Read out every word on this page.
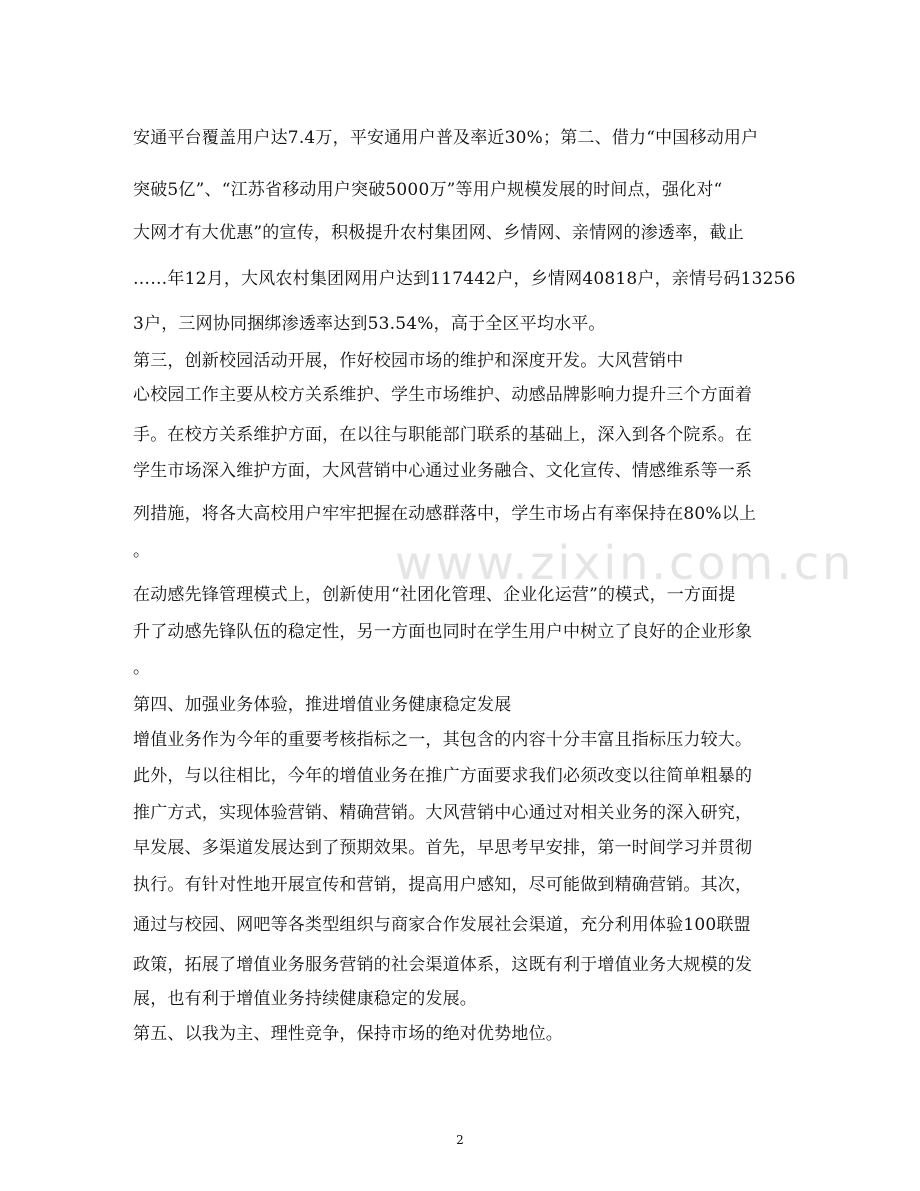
安通平台覆盖用户达7.4万，平安通用户普及率近30%；第二、借力“中国移动用户
突破5亿”、“江苏省移动用户突破5000万”等用户规模发展的时间点，强化对“
大网才有大优惠”的宣传，积极提升农村集团网、乡情网、亲情网的渗透率，截止
……年12月，大风农村集团网用户达到117442户，乡情网40818户，亲情号码13256
3户，三网协同捆绑渗透率达到53.54%，高于全区平均水平。
第三，创新校园活动开展，作好校园市场的维护和深度开发。大风营销中
心校园工作主要从校方关系维护、学生市场维护、动感品牌影响力提升三个方面着
手。在校方关系维护方面，在以往与职能部门联系的基础上，深入到各个院系。在
学生市场深入维护方面，大风营销中心通过业务融合、文化宣传、情感维系等一系
列措施，将各大高校用户牢牢把握在动感群落中，学生市场占有率保持在80%以上
。
在动感先锋管理模式上，创新使用“社团化管理、企业化运营”的模式，一方面提
升了动感先锋队伍的稳定性，另一方面也同时在学生用户中树立了良好的企业形象
。
第四、加强业务体验，推进增值业务健康稳定发展
增值业务作为今年的重要考核指标之一，其包含的内容十分丰富且指标压力较大。
此外，与以往相比，今年的增值业务在推广方面要求我们必须改变以往简单粗暴的
推广方式，实现体验营销、精确营销。大风营销中心通过对相关业务的深入研究，
早发展、多渠道发展达到了预期效果。首先，早思考早安排，第一时间学习并贯彻
执行。有针对性地开展宣传和营销，提高用户感知，尽可能做到精确营销。其次，
通过与校园、网吧等各类型组织与商家合作发展社会渠道，充分利用体验100联盟
政策，拓展了增值业务服务营销的社会渠道体系，这既有利于增值业务大规模的发
展，也有利于增值业务持续健康稳定的发展。
第五、以我为主、理性竞争，保持市场的绝对优势地位。
www.zixin.com.cn
2
